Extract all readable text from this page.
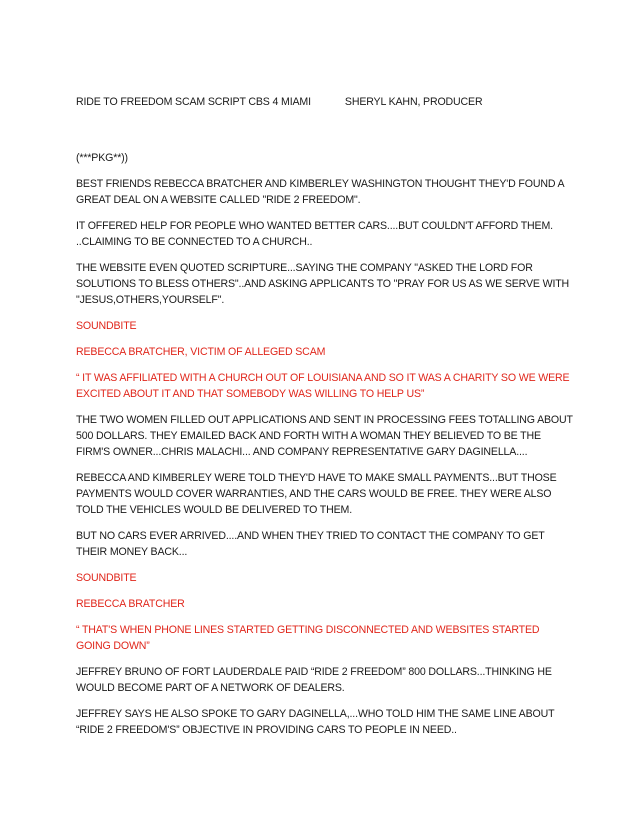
RIDE TO FREEDOM SCAM SCRIPT CBS 4 MIAMI	SHERYL KAHN, PRODUCER

(***PKG**))

BEST FRIENDS REBECCA BRATCHER AND KIMBERLEY WASHINGTON THOUGHT THEY'D FOUND A GREAT DEAL ON A WEBSITE CALLED "RIDE 2 FREEDOM".

IT OFFERED HELP FOR PEOPLE WHO WANTED BETTER CARS....BUT COULDN'T AFFORD THEM. ..CLAIMING TO BE CONNECTED TO A CHURCH..

THE WEBSITE EVEN QUOTED SCRIPTURE...SAYING THE COMPANY "ASKED THE LORD FOR SOLUTIONS TO BLESS OTHERS"..AND ASKING APPLICANTS TO "PRAY FOR US AS WE SERVE WITH "JESUS,OTHERS,YOURSELF".

SOUNDBITE

REBECCA BRATCHER, VICTIM OF ALLEGED SCAM

“ IT WAS AFFILIATED WITH A CHURCH OUT OF LOUISIANA AND SO IT WAS A CHARITY SO WE WERE EXCITED ABOUT IT AND THAT SOMEBODY WAS WILLING TO HELP US”

THE TWO WOMEN FILLED OUT APPLICATIONS AND SENT IN PROCESSING FEES TOTALLING ABOUT 500 DOLLARS. THEY EMAILED BACK AND FORTH WITH A WOMAN THEY BELIEVED TO BE THE FIRM'S OWNER...CHRIS MALACHI... AND COMPANY REPRESENTATIVE GARY DAGINELLA....

REBECCA AND KIMBERLEY WERE TOLD THEY'D HAVE TO MAKE SMALL PAYMENTS...BUT THOSE PAYMENTS WOULD COVER WARRANTIES, AND THE CARS WOULD BE FREE. THEY WERE ALSO TOLD THE VEHICLES WOULD BE DELIVERED TO THEM.

BUT NO CARS EVER ARRIVED....AND WHEN THEY TRIED TO CONTACT THE COMPANY TO GET THEIR MONEY BACK...

SOUNDBITE

REBECCA BRATCHER

“ THAT'S WHEN PHONE LINES STARTED GETTING DISCONNECTED AND WEBSITES STARTED GOING DOWN”

JEFFREY BRUNO OF FORT LAUDERDALE PAID “RIDE 2 FREEDOM” 800 DOLLARS...THINKING HE WOULD BECOME PART OF A NETWORK OF DEALERS.

JEFFREY SAYS HE ALSO SPOKE TO GARY DAGINELLA,...WHO TOLD HIM THE SAME LINE ABOUT “RIDE 2 FREEDOM'S” OBJECTIVE IN PROVIDING CARS TO PEOPLE IN NEED..
